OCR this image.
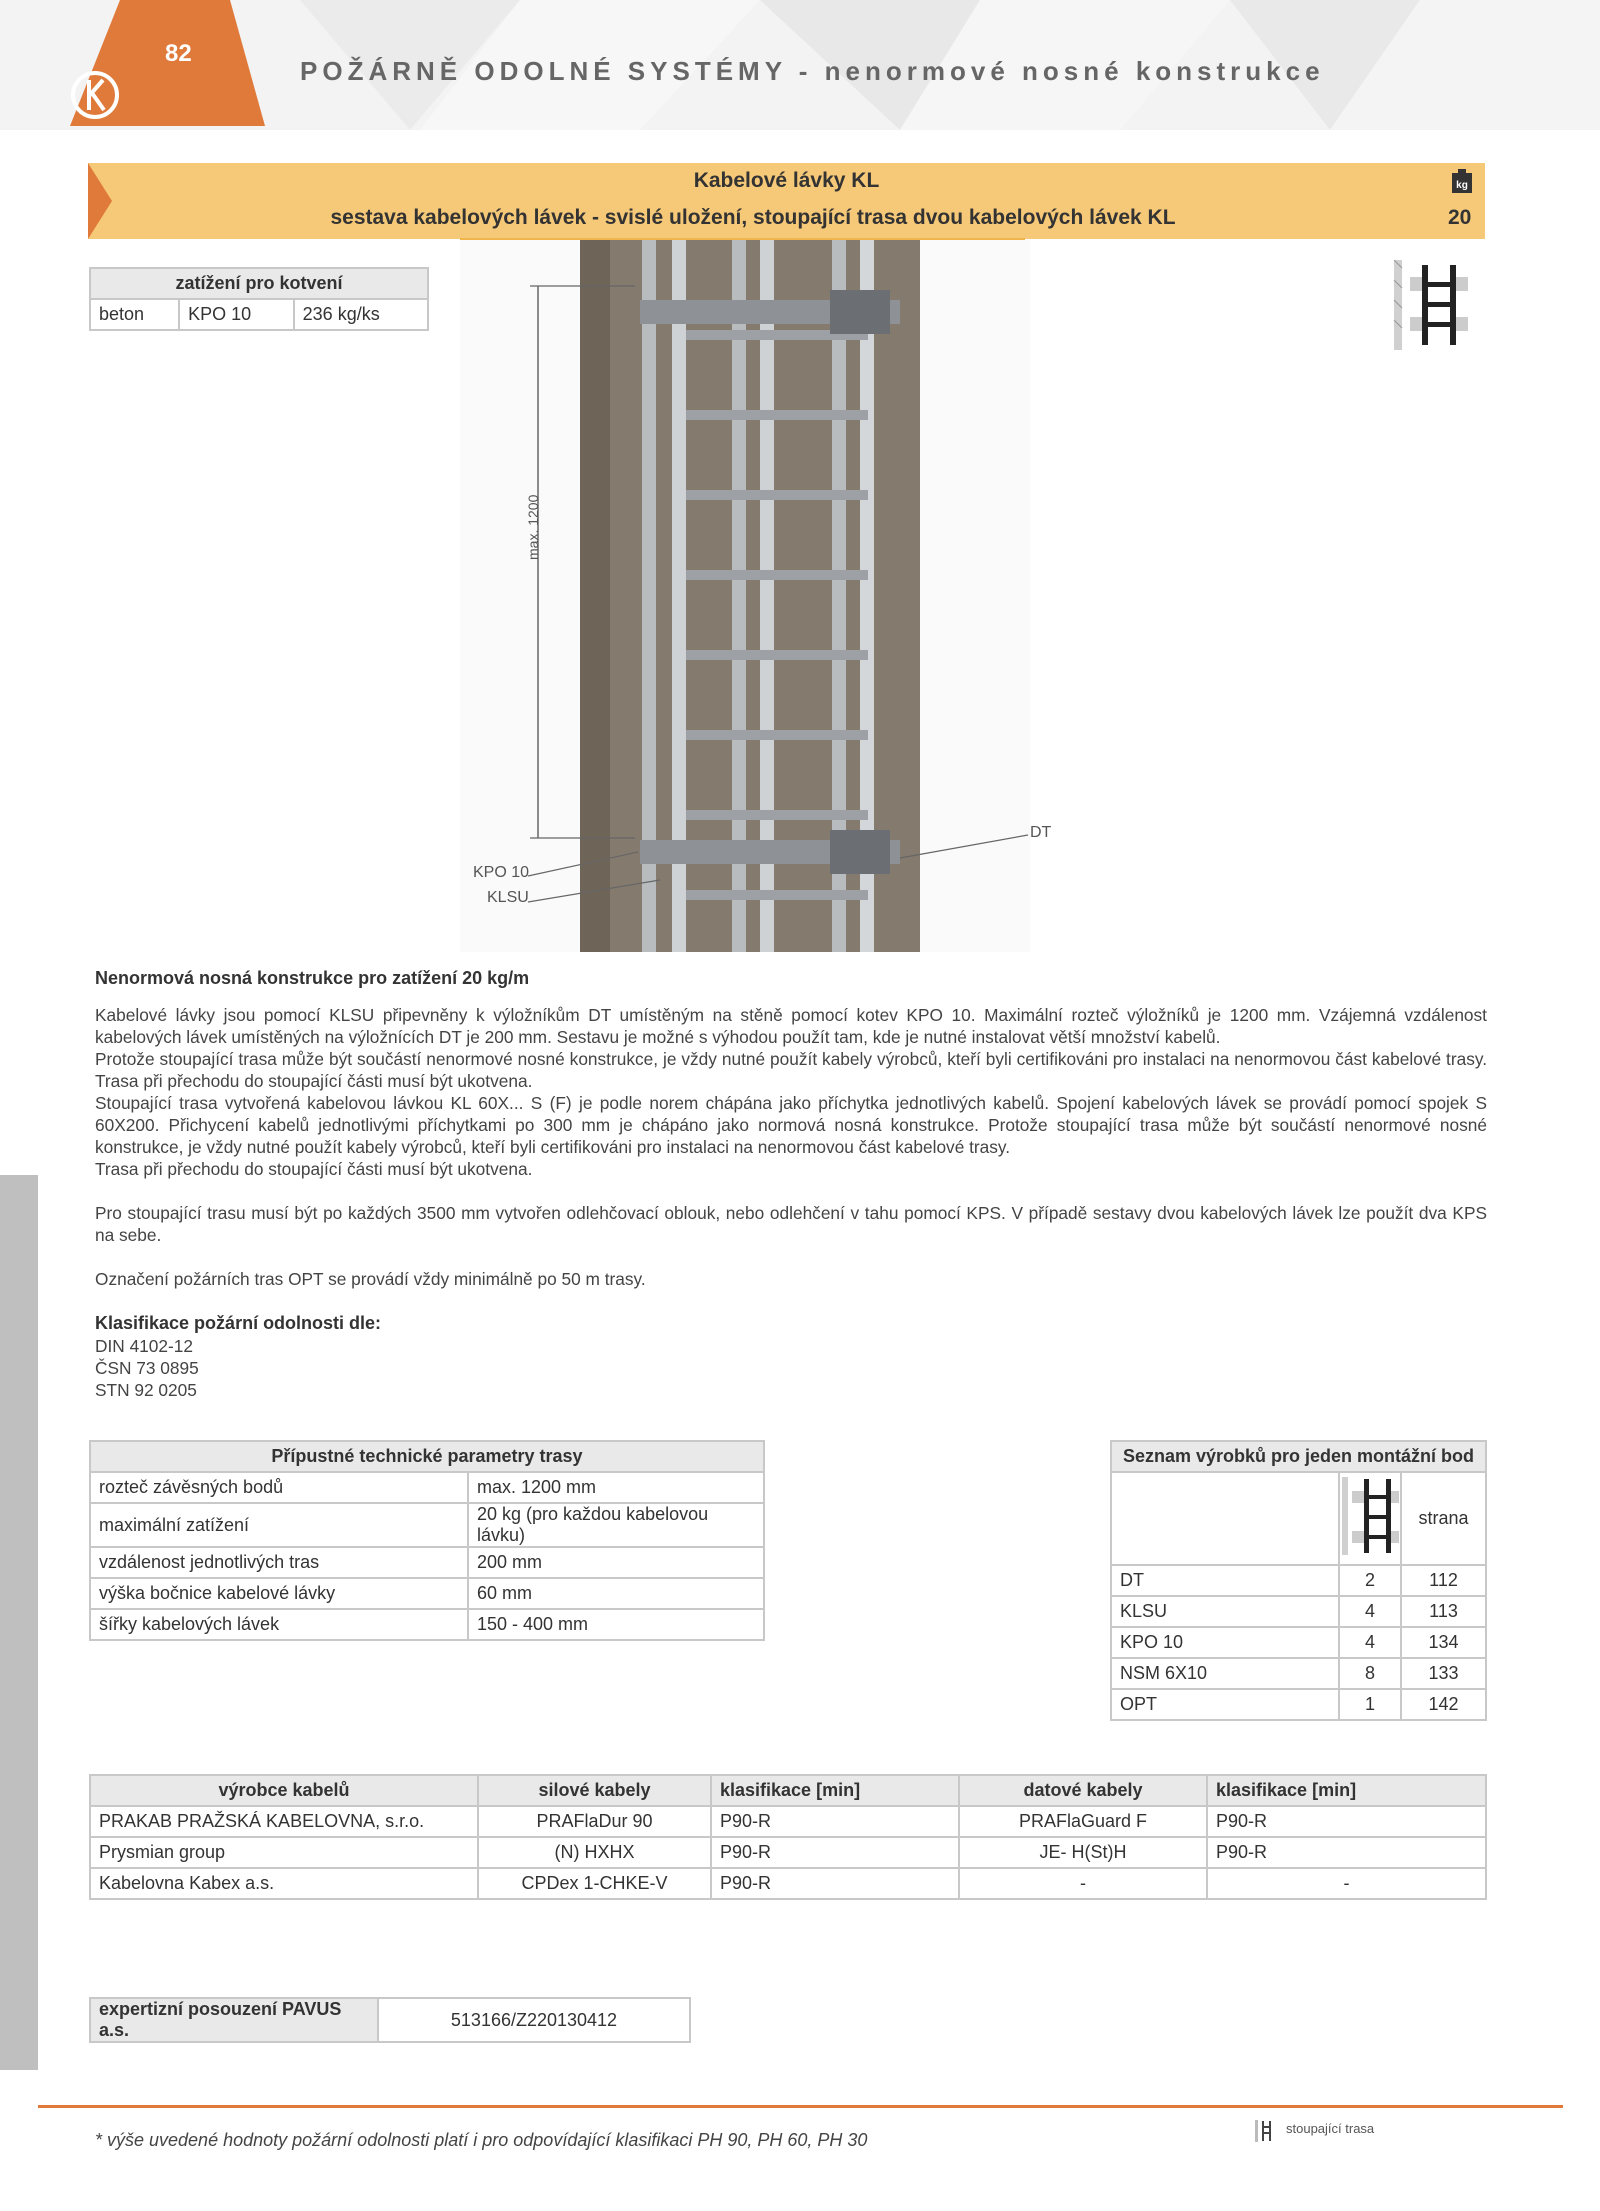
82
POŽÁRNĚ ODOLNÉ SYSTÉMY - nenormové nosné konstrukce
Kabelové lávky KL
sestava kabelových lávek - svislé uložení, stoupající trasa dvou kabelových lávek KL
kg
20
zatížení pro kotvení
beton	KPO 10	236 kg/ks
max. 1200
DT
KPO 10
KLSU
Nenormová nosná konstrukce pro zatížení 20 kg/m

Kabelové lávky jsou pomocí KLSU připevněny k výložníkům DT umístěným na stěně pomocí kotev KPO 10. Maximální rozteč výložníků je 1200 mm. Vzájemná vzdálenost kabelových lávek umístěných na výložnících DT je 200 mm. Sestavu je možné s výhodou použít tam, kde je nutné instalovat větší množství kabelů.

Protože stoupající trasa může být součástí nenormové nosné konstrukce, je vždy nutné použít kabely výrobců, kteří byli certifikováni pro instalaci na nenormovou část kabelové trasy. Trasa při přechodu do stoupající části musí být ukotvena.

Stoupající trasa vytvořená kabelovou lávkou KL 60X... S (F) je podle norem chápána jako příchytka jednotlivých kabelů. Spojení kabelových lávek se provádí pomocí spojek S 60X200. Přichycení kabelů jednotlivými příchytkami po 300 mm je chápáno jako normová nosná konstrukce. Protože stoupající trasa může být součástí nenormové nosné konstrukce, je vždy nutné použít kabely výrobců, kteří byli certifikováni pro instalaci na nenormovou část kabelové trasy.

Trasa při přechodu do stoupající části musí být ukotvena.

Pro stoupající trasu musí být po každých 3500 mm vytvořen odlehčovací oblouk, nebo odlehčení v tahu pomocí KPS. V případě sestavy dvou kabelových lávek lze použít dva KPS na sebe.
Označení požárních tras OPT se provádí vždy minimálně po 50 m trasy.
Klasifikace požární odolnosti dle:
DIN 4102-12
ČSN 73 0895
STN 92 0205
Přípustné technické parametry trasy	
rozteč závěsných bodů	max. 1200 mm
maximální zatížení	20 kg (pro každou kabelovou lávku)
vzdálenost jednotlivých tras	200 mm
výška bočnice kabelové lávky	60 mm
šířky kabelových lávek	150 - 400 mm
Seznam výrobků pro jeden montážní bod		
		strana
DT	2	112
KLSU	4	113
KPO 10	4	134
NSM 6X10	8	133
OPT	1	142
výrobce kabelů	silové kabely	klasifikace [min]	datové kabely	klasifikace [min]
PRAKAB PRAŽSKÁ KABELOVNA, s.r.o.	PRAFlaDur 90	P90-R	PRAFlaGuard F	P90-R
Prysmian group	(N) HXHX	P90-R	JE- H(St)H	P90-R
Kabelovna Kabex a.s.	CPDex 1-CHKE-V	P90-R	-	-
expertizní posouzení PAVUS a.s.	513166/Z220130412
* výše uvedené hodnoty požární odolnosti platí i pro odpovídající klasifikaci PH 90, PH 60, PH 30
stoupající trasa
